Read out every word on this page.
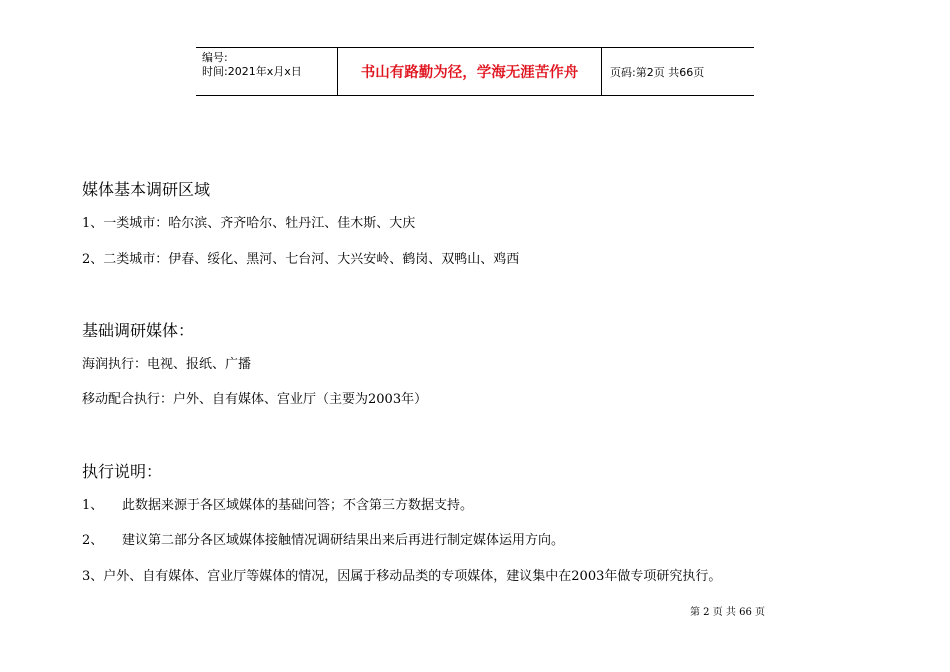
编号:
时间:2021年x月x日	书山有路勤为径，学海无涯苦作舟	页码:第2页 共66页
媒体基本调研区域
1、一类城市：哈尔滨、齐齐哈尔、牡丹江、佳木斯、大庆
2、二类城市：伊春、绥化、黑河、七台河、大兴安岭、鹤岗、双鸭山、鸡西
基础调研媒体：
海润执行：电视、报纸、广播
移动配合执行：户外、自有媒体、宫业厅（主要为2003年）
执行说明：
1、 此数据来源于各区域媒体的基础问答；不含第三方数据支持。
2、 建议第二部分各区域媒体接触情况调研结果出来后再进行制定媒体运用方向。
3、户外、自有媒体、宫业厅等媒体的情况，因属于移动品类的专项媒体，建议集中在2003年做专项研究执行。
第 2 页 共 66 页
